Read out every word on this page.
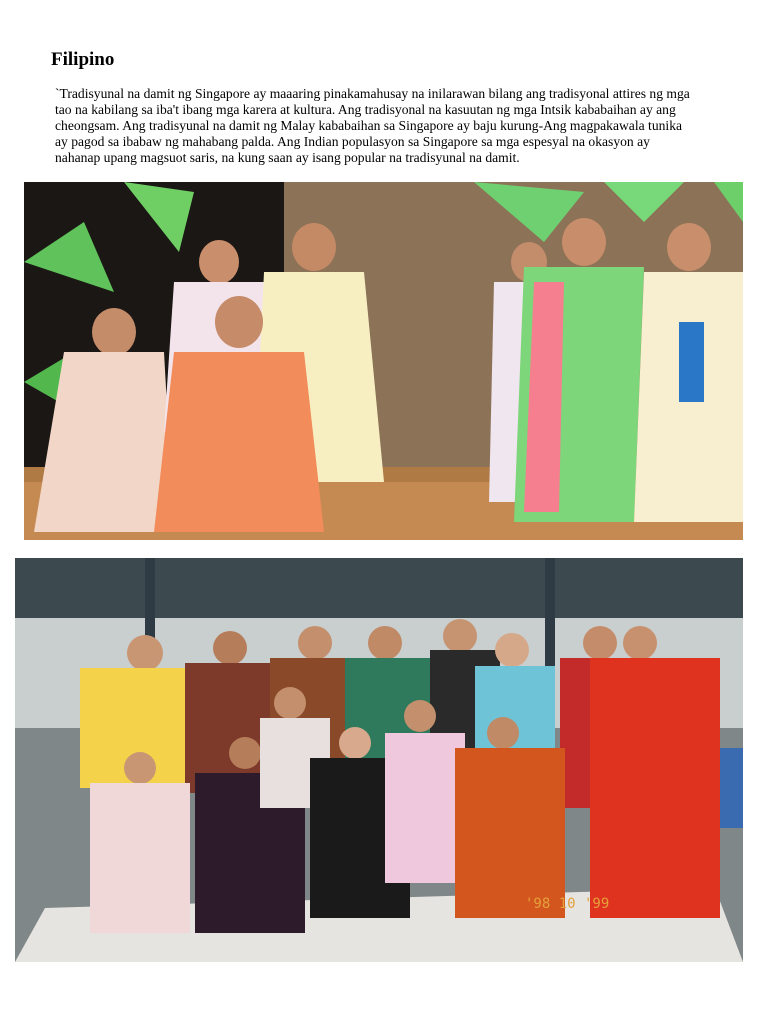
Filipino

`Tradisyunal na damit ng Singapore ay maaaring pinakamahusay na inilarawan bilang ang tradisyonal attires ng mga tao na kabilang sa iba't ibang mga karera at kultura. Ang tradisyonal na kasuutan ng mga Intsik kababaihan ay ang cheongsam. Ang tradisyunal na damit ng Malay kababaihan sa Singapore ay baju kurung-Ang magpakawala tunika ay pagod sa ibabaw ng mahabang palda. Ang Indian populasyon sa Singapore sa mga espesyal na okasyon ay nahanap upang magsuot saris, na kung saan ay isang popular na tradisyunal na damit.

'98 10 '99
